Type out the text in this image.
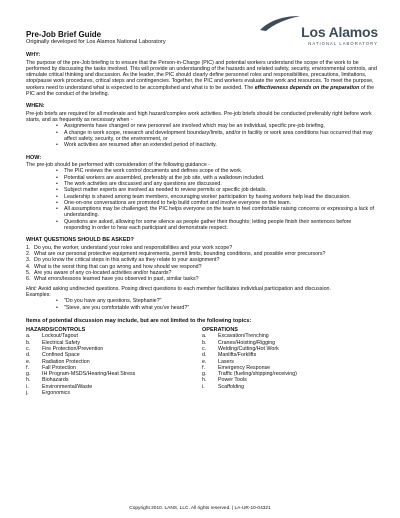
Los Alamos
NATIONAL LABORATORY
Pre-Job Brief Guide
Originally developed for Los Alamos National Laboratory
WHY:

The purpose of the pre-Job briefing is to ensure that the Person-in-Charge (PIC) and potential workers understand the scope of the work to be performed by discussing the tasks involved. This will provide an understanding of the hazards and related safety, security, environmental controls, and stimulate critical thinking and discussion. As the leader, the PIC should clearly define personnel roles and responsibilities, precautions, limitations, stop/pause work procedures, critical steps and contingencies. Together, the PIC and workers evaluate the work and resources. To meet the purpose, workers need to understand what is expected to be accomplished and what is to be avoided. The effectiveness depends on the preparation of the PIC and the conduct of the briefing.

WHEN:

Pre-job briefs are required for all moderate and high hazard/complex work activities. Pre-job briefs should be conducted preferably right before work starts, and as frequently as necessary when -

• Assignments have changed or new personnel are involved which may be an individual, specific pre-job briefing,
• A change in work scope, research and development boundary/limits, and/or in facility or work area conditions has occurred that may affect safety, security, or the environment, or
• Work activities are resumed after an extended period of inactivity.
HOW:

The pre-job should be performed with consideration of the following guidance -

• The PIC reviews the work control documents and defines scope of the work.
• Potential workers are assembled, preferably at the job site, with a walkdown included.
• The work activities are discussed and any questions are discussed.
• Subject matter experts are involved as needed to review permits or specific job details.
• Leadership is shared among team members, encouraging worker participation by having workers help lead the discussion.
• One-on-one conversations are promoted to help build comfort and involve everyone on the team.
• All assumptions may be challenged; the PIC helps everyone on the team to feel comfortable raising concerns or expressing a lack of understanding.
• Questions are asked, allowing for some silence as people gather their thoughts; letting people finish their sentences before responding in order to hear each participant and demonstrate respect.
WHAT QUESTIONS SHOULD BE ASKED?
1. Do you, the worker, understand your roles and responsibilities and your work scope?
2. What are our personal protective equipment requirements, permit limits, bounding conditions, and possible error precursors?
3. Do you know the critical steps in this activity as they relate to your assignment?
4. What is the worst thing that can go wrong and how should we respond?
5. Are you aware of any co-located activities and/or hazards?
6. What errors/lessons learned have you observed in past, similar tasks?

Hint: Avoid asking undirected questions. Posing direct questions to each member facilitates individual participation and discussion.

Examples:

• "Do you have any questions, Stephanie?"
• "Steve, are you comfortable with what you've heard?"
Items of potential discussion may include, but are not limited to the following topics:
HAZARDS/CONTROLS
a.	Lockout/Tagout
b.	Electrical Safety
c.	Fire Protection/Prevention
d.	Confined Space
e.	Radiation Protection
f.	Fall Protection
g.	IH Program-MSDS/Hearing/Heat Stress
h.	Biohazards
i.	Environmental/Waste
j.	Ergonomics
OPERATIONS
a.	Excavation/Trenching
b.	Cranes/Hoisting/Rigging
c.	Welding/Cutting/Hot Work
d.	Manlifts/Forklifts
e.	Lasers
f.	Emergency Response
g.	Traffic (fueling/shipping/receiving)
h.	Power Tools
i.	Scaffolding
Copyright 2010. LANS, LLC. All rights reserved. | LA-UR-10-04321
